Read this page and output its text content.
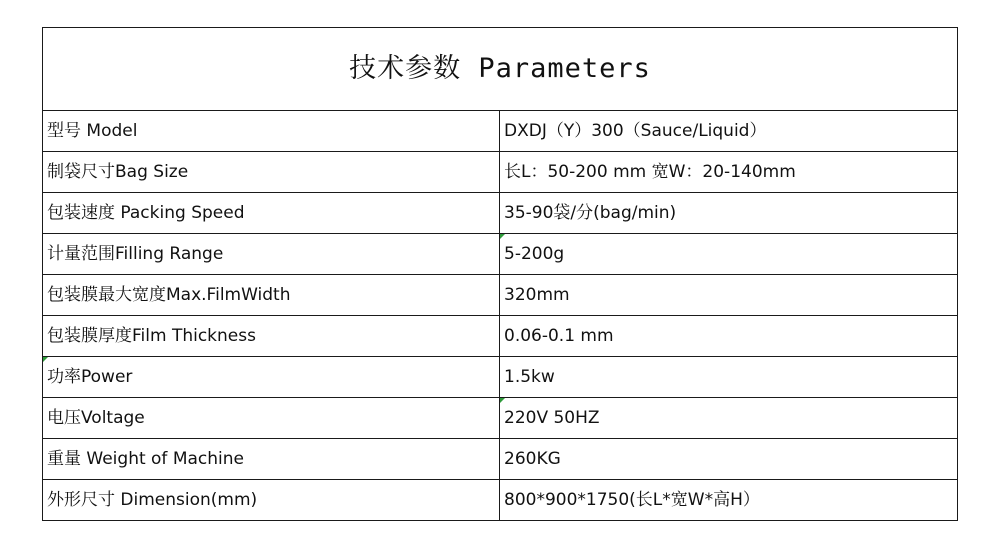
技术参数 Parameters	
型号 Model	DXDJ（Y）300（Sauce/Liquid）
制袋尺寸Bag Size	长L：50-200 mm 宽W：20-140mm
包装速度 Packing Speed	35-90袋/分(bag/min)
计量范围Filling Range	5-200g
包装膜最大宽度Max.FilmWidth	320mm
包装膜厚度Film Thickness	0.06-0.1 mm

功率Power	1.5kw
电压Voltage	220V 50HZ
重量 Weight of Machine	260KG
外形尺寸 Dimension(mm)	800*900*1750(长L*宽W*高H）
